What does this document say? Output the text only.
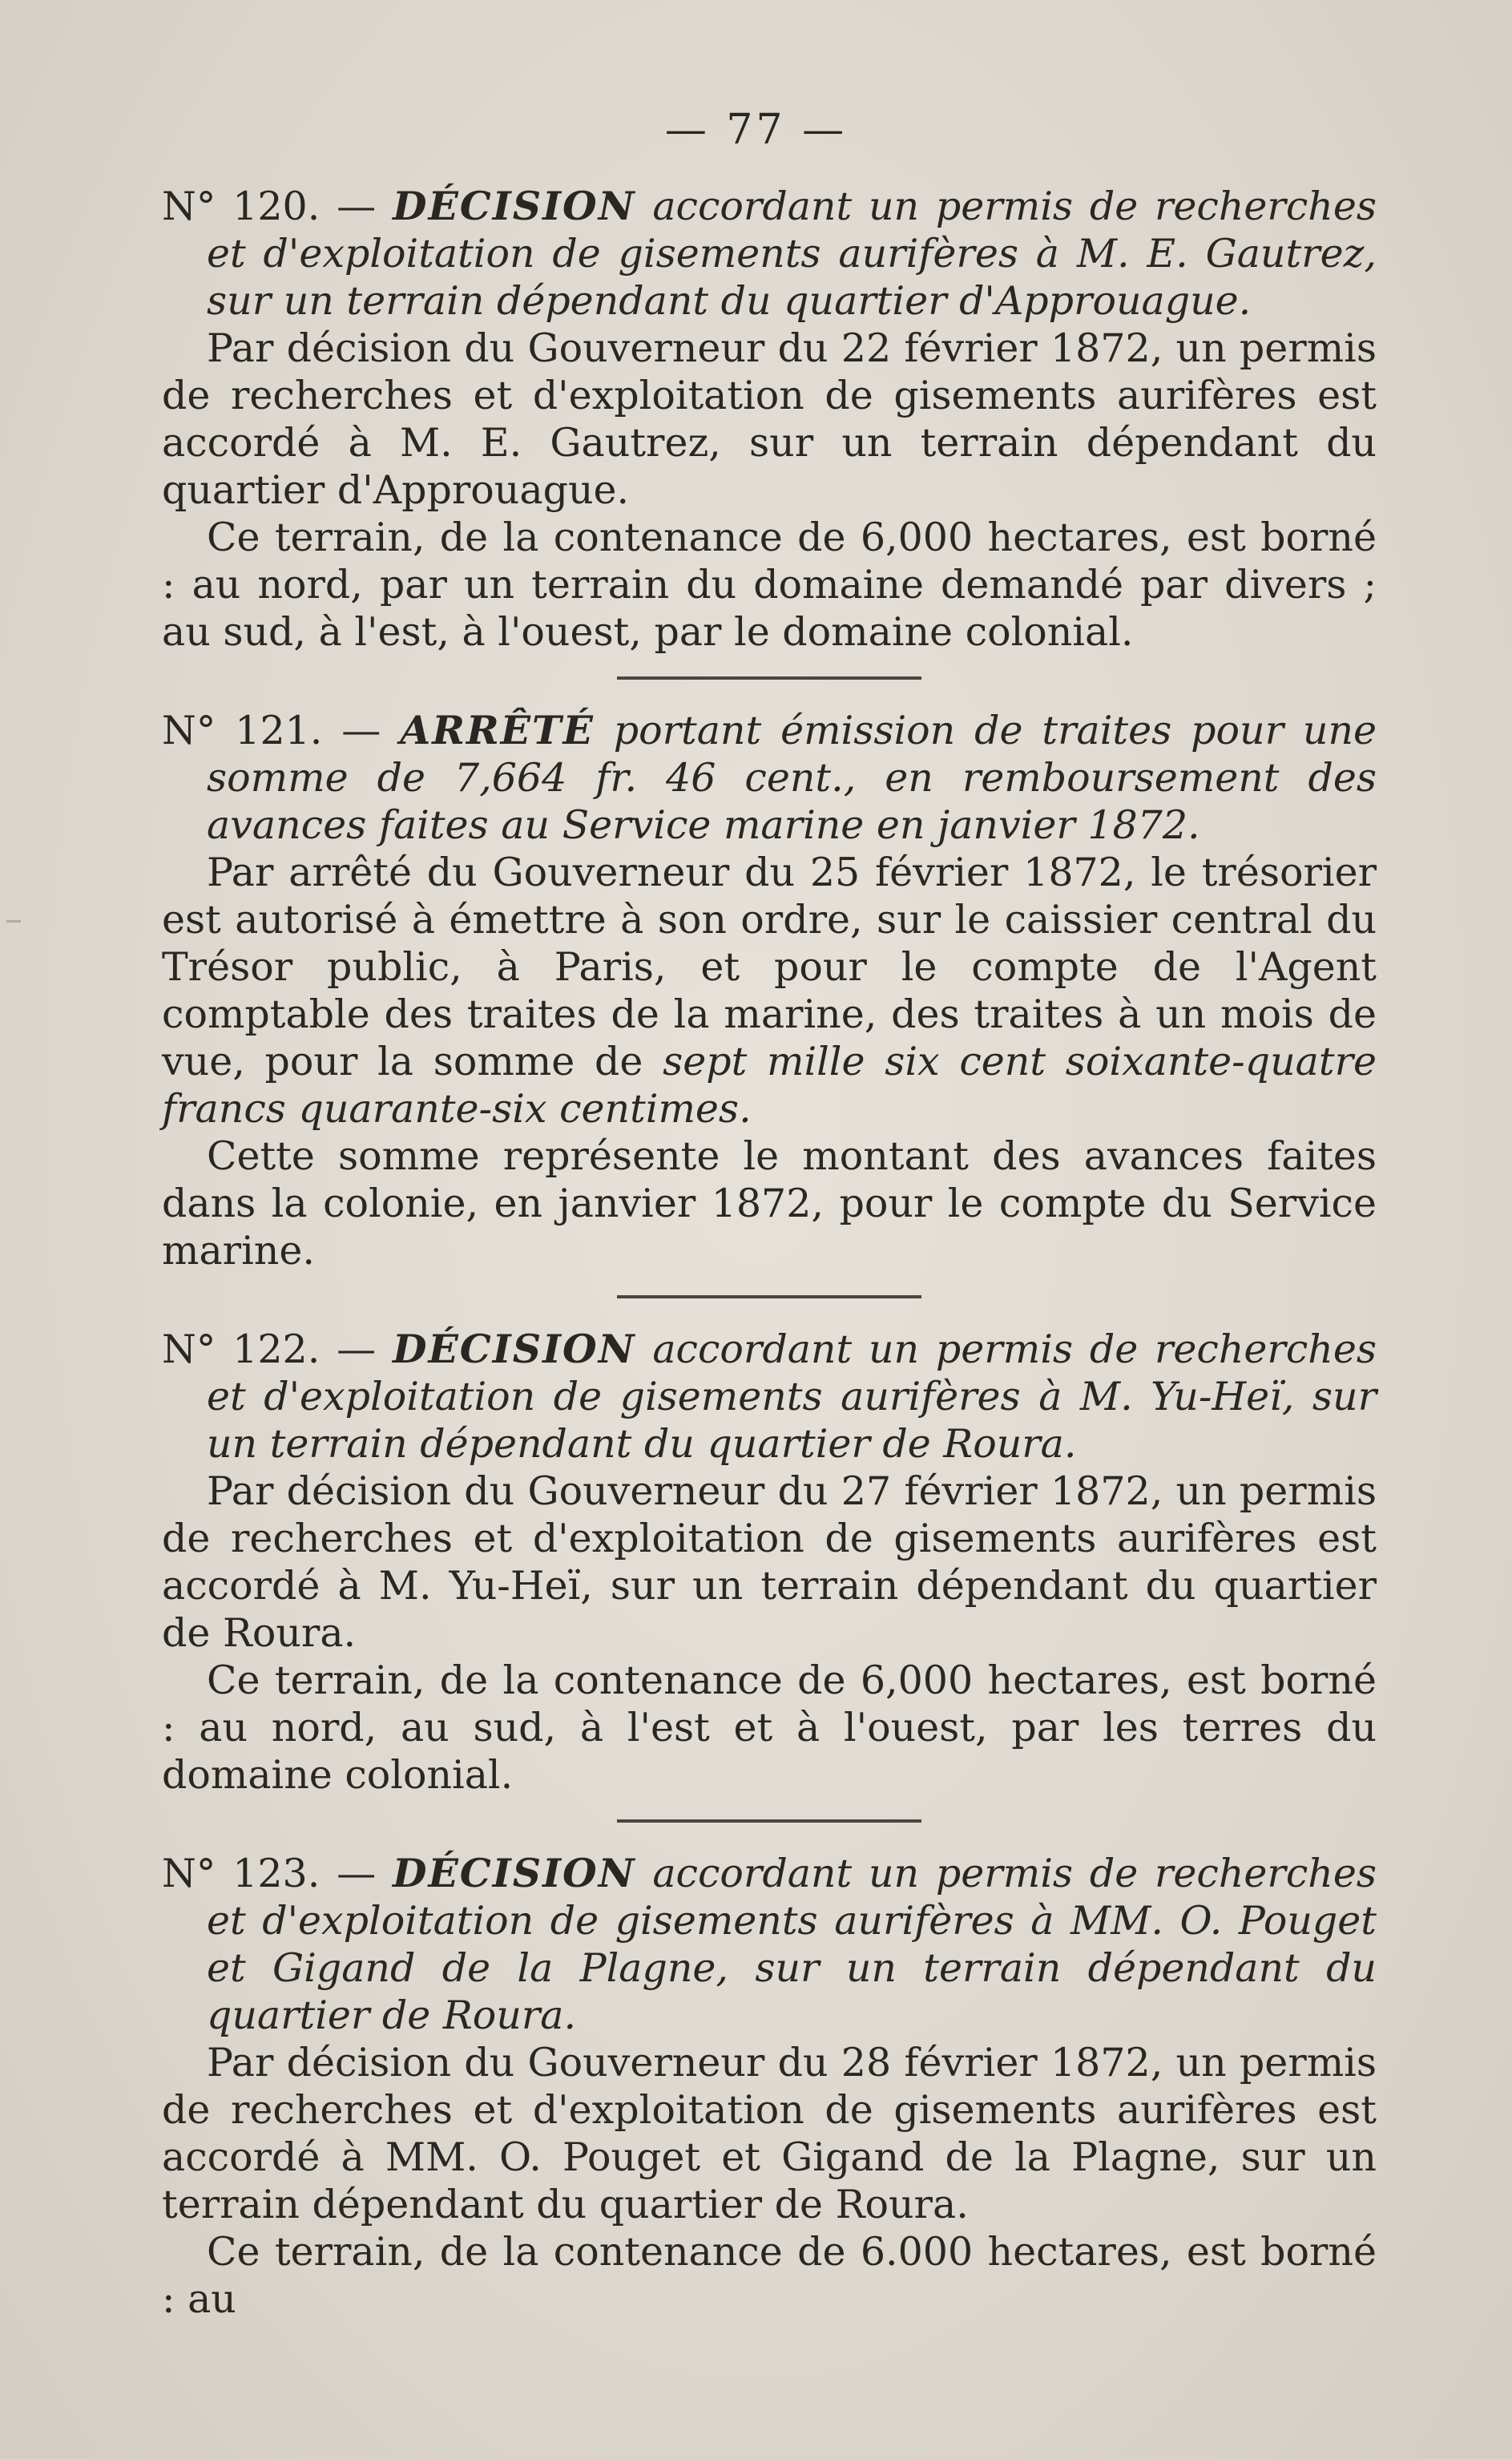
— 77 —

N° 120. — DÉCISION accordant un permis de recherches et d'exploitation de gisements aurifères à M. E. Gautrez, sur un terrain dépendant du quartier d'Approuague.

Par décision du Gouverneur du 22 février 1872, un permis de recherches et d'exploitation de gisements aurifères est accordé à M. E. Gautrez, sur un terrain dépendant du quartier d'Approuague.

Ce terrain, de la contenance de 6,000 hectares, est borné : au nord, par un terrain du domaine demandé par divers ; au sud, à l'est, à l'ouest, par le domaine colonial.

N° 121. — ARRÊTÉ portant émission de traites pour une somme de 7,664 fr. 46 cent., en remboursement des avances faites au Service marine en janvier 1872.

Par arrêté du Gouverneur du 25 février 1872, le trésorier est autorisé à émettre à son ordre, sur le caissier central du Trésor public, à Paris, et pour le compte de l'Agent comptable des traites de la marine, des traites à un mois de vue, pour la somme de sept mille six cent soixante-quatre francs quarante-six centimes.

Cette somme représente le montant des avances faites dans la colonie, en janvier 1872, pour le compte du Service marine.

N° 122. — DÉCISION accordant un permis de recherches et d'exploitation de gisements aurifères à M. Yu-Heï, sur un terrain dépendant du quartier de Roura.

Par décision du Gouverneur du 27 février 1872, un permis de recherches et d'exploitation de gisements aurifères est accordé à M. Yu-Heï, sur un terrain dépendant du quartier de Roura.

Ce terrain, de la contenance de 6,000 hectares, est borné : au nord, au sud, à l'est et à l'ouest, par les terres du domaine colonial.

N° 123. — DÉCISION accordant un permis de recherches et d'exploitation de gisements aurifères à MM. O. Pouget et Gigand de la Plagne, sur un terrain dépendant du quartier de Roura.

Par décision du Gouverneur du 28 février 1872, un permis de recherches et d'exploitation de gisements aurifères est accordé à MM. O. Pouget et Gigand de la Plagne, sur un terrain dépendant du quartier de Roura.

Ce terrain, de la contenance de 6.000 hectares, est borné : au
